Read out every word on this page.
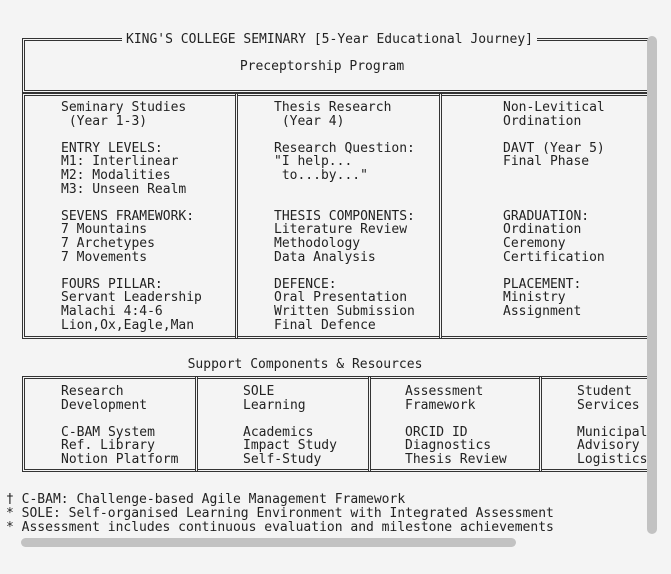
KING'S COLLEGE SEMINARY [5-Year Educational Journey]
Preceptorship Program
Seminary Studies
(Year 1-3)

ENTRY LEVELS:
M1: Interlinear
M2: Modalities
M3: Unseen Realm

SEVENS FRAMEWORK:
7 Mountains
7 Archetypes
7 Movements

FOURS PILLAR:
Servant Leadership
Malachi 4:4-6
Lion,Ox,Eagle,Man
Thesis Research
(Year 4)

Research Question:
"I help...
to...by..."

THESIS COMPONENTS:
Literature Review
Methodology
Data Analysis

DEFENCE:
Oral Presentation
Written Submission
Final Defence
Non-Levitical
Ordination

DAVT (Year 5)
Final Phase

GRADUATION:
Ordination
Ceremony
Certification

PLACEMENT:
Ministry
Assignment
Support Components & Resources
Research
Development

C-BAM System
Ref. Library
Notion Platform
SOLE
Learning

Academics
Impact Study
Self-Study
Assessment
Framework

ORCID ID
Diagnostics
Thesis Review
Student
Services

Municipal
Advisory
Logistics
† C-BAM: Challenge-based Agile Management Framework
* SOLE: Self-organised Learning Environment with Integrated Assessment
* Assessment includes continuous evaluation and milestone achievements
